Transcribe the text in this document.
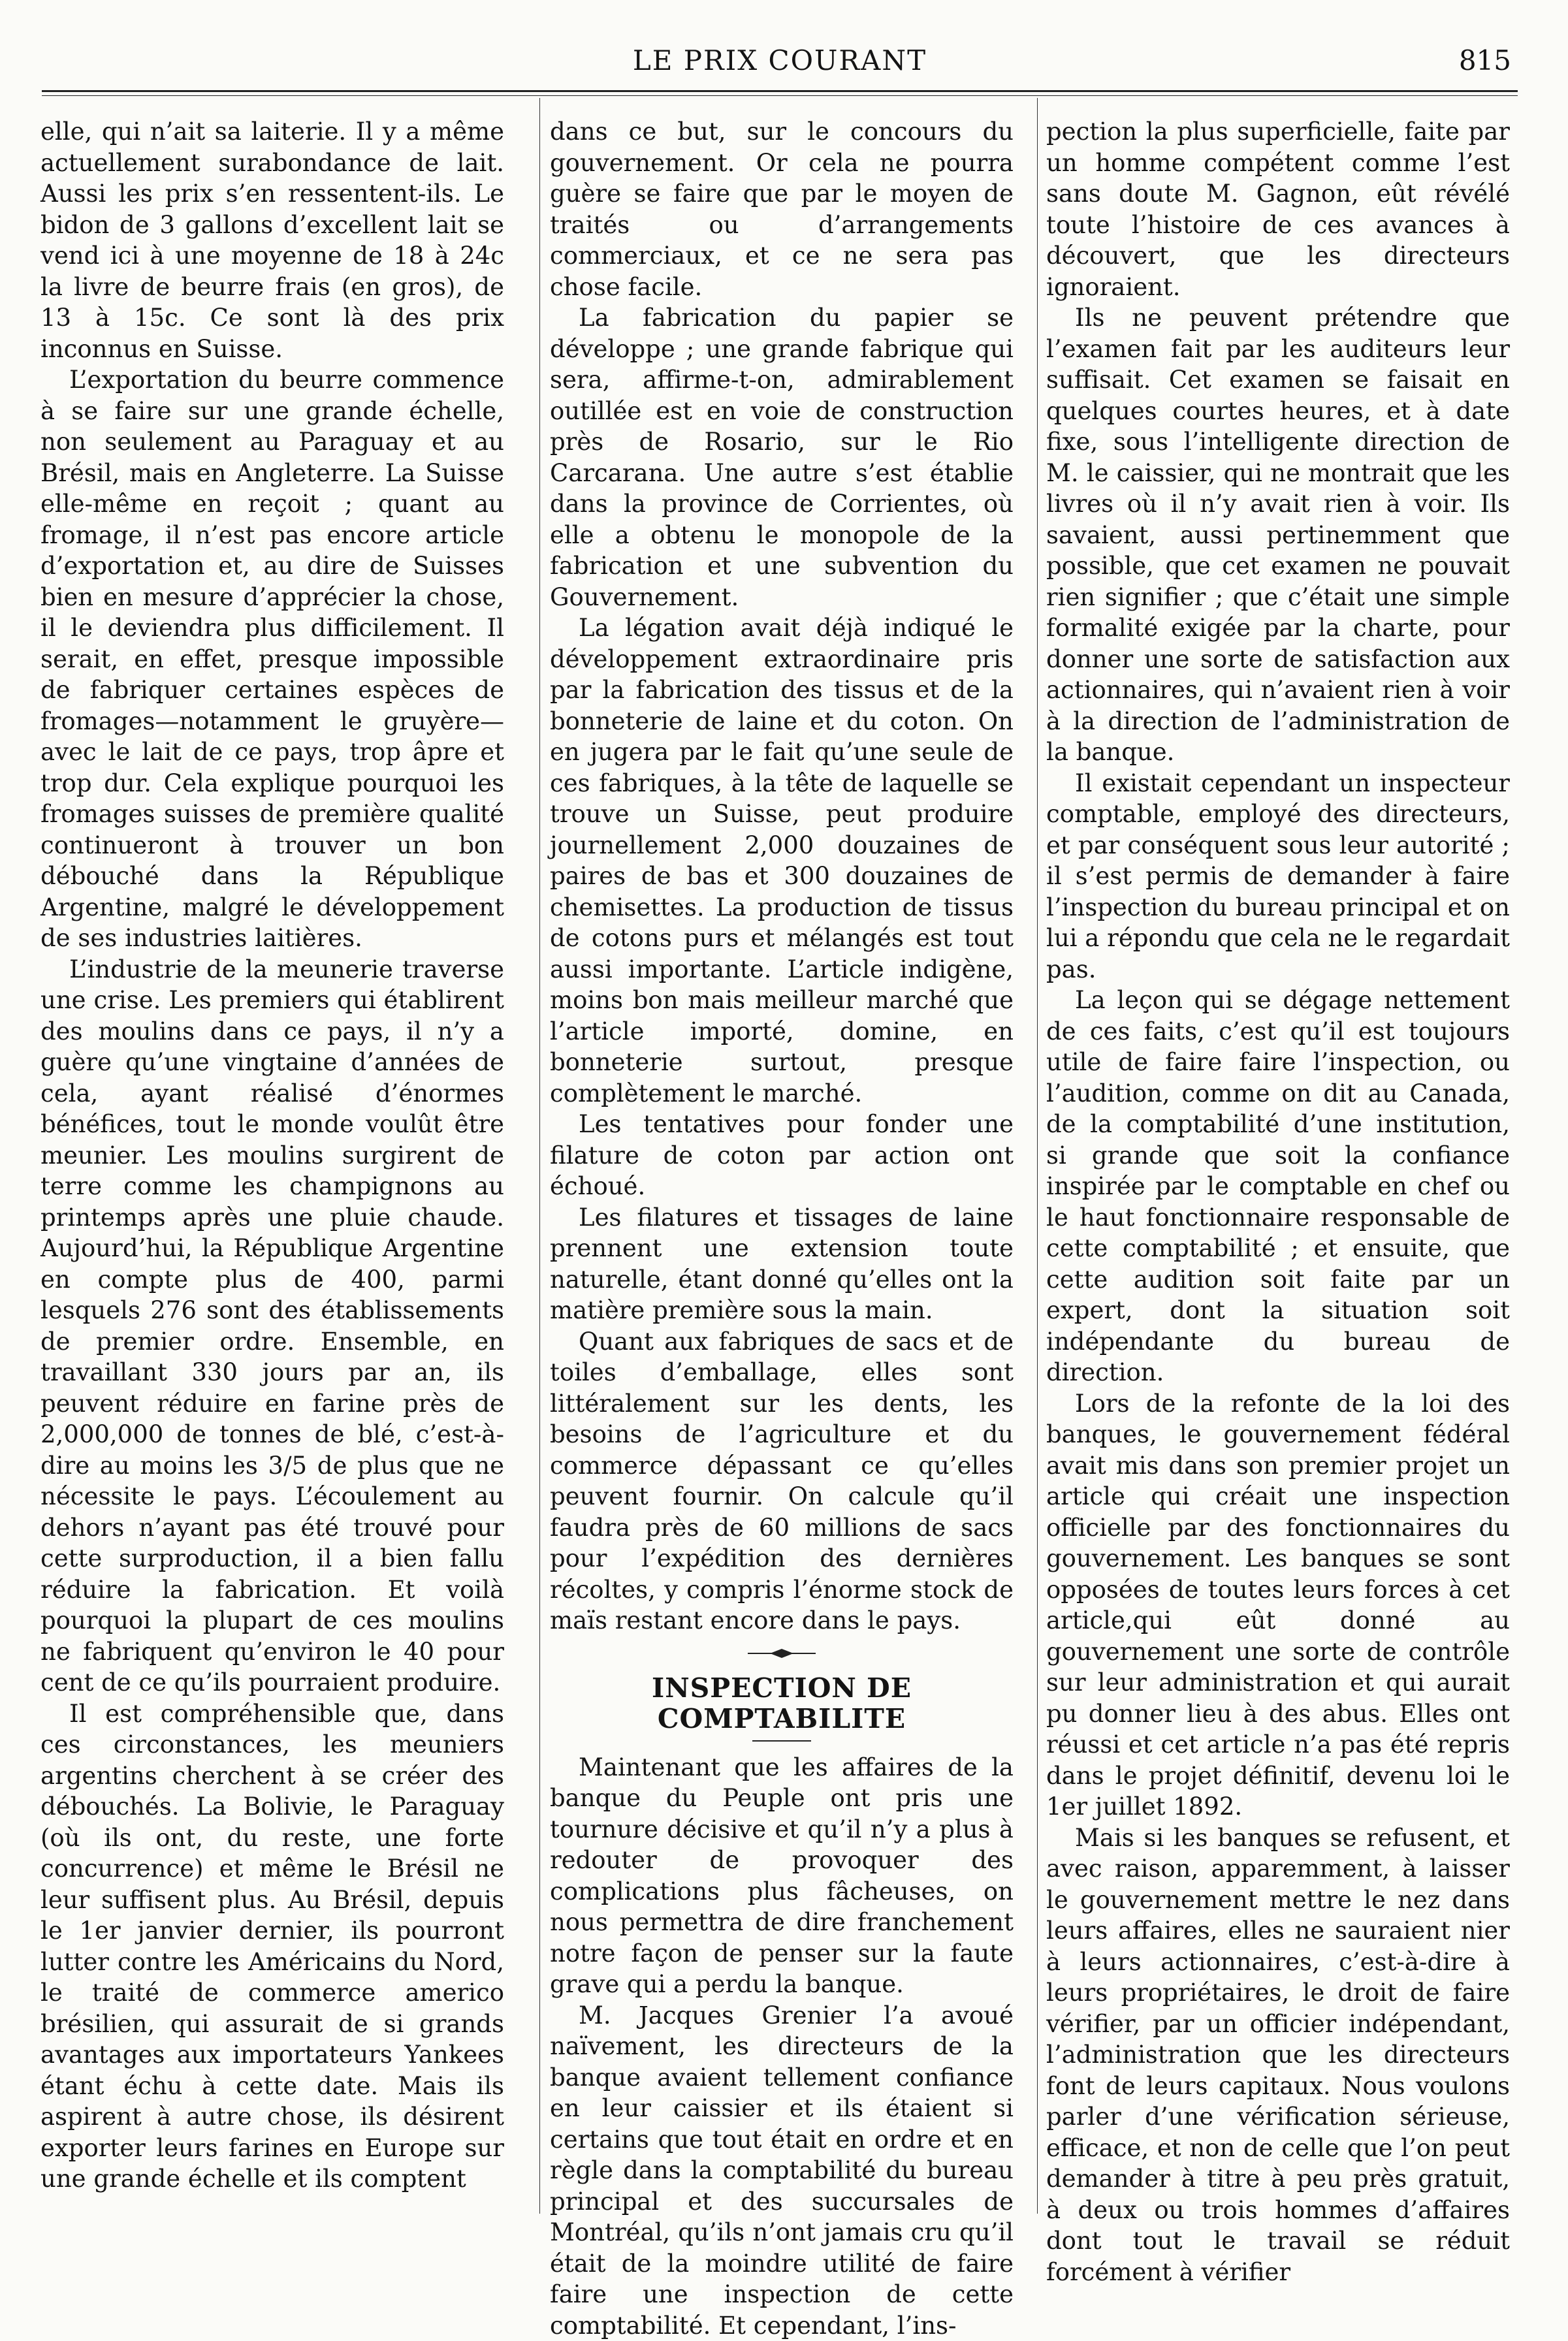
LE PRIX COURANT	815

elle, qui n’ait sa laiterie. Il y a même actuellement surabondance de lait. Aussi les prix s’en ressentent-ils. Le bidon de 3 gallons d’excellent lait se vend ici à une moyenne de 18 à 24c la livre de beurre frais (en gros), de 13 à 15c. Ce sont là des prix inconnus en Suisse.

L’exportation du beurre commence à se faire sur une grande échelle, non seulement au Paraguay et au Brésil, mais en Angleterre. La Suisse elle-même en reçoit ; quant au fromage, il n’est pas encore article d’exportation et, au dire de Suisses bien en mesure d’apprécier la chose, il le deviendra plus difficilement. Il serait, en effet, presque impossible de fabriquer certaines espèces de fromages—notamment le gruyère—avec le lait de ce pays, trop âpre et trop dur. Cela explique pourquoi les fromages suisses de première qualité continueront à trouver un bon débouché dans la République Argentine, malgré le développement de ses industries laitières.

L’industrie de la meunerie traverse une crise. Les premiers qui établirent des moulins dans ce pays, il n’y a guère qu’une vingtaine d’années de cela, ayant réalisé d’énormes bénéfices, tout le monde voulût être meunier. Les moulins surgirent de terre comme les champignons au printemps après une pluie chaude. Aujourd’hui, la République Argentine en compte plus de 400, parmi lesquels 276 sont des établissements de premier ordre. Ensemble, en travaillant 330 jours par an, ils peuvent réduire en farine près de 2,000,000 de tonnes de blé, c’est-à-dire au moins les 3/5 de plus que ne nécessite le pays. L’écoulement au dehors n’ayant pas été trouvé pour cette surproduction, il a bien fallu réduire la fabrication. Et voilà pourquoi la plupart de ces moulins ne fabriquent qu’environ le 40 pour cent de ce qu’ils pourraient produire.

Il est compréhensible que, dans ces circonstances, les meuniers argentins cherchent à se créer des débouchés. La Bolivie, le Paraguay (où ils ont, du reste, une forte concurrence) et même le Brésil ne leur suffisent plus. Au Brésil, depuis le 1er janvier dernier, ils pourront lutter contre les Américains du Nord, le traité de commerce americo brésilien, qui assurait de si grands avantages aux importateurs Yankees étant échu à cette date. Mais ils aspirent à autre chose, ils désirent exporter leurs farines en Europe sur une grande échelle et ils comptent

dans ce but, sur le concours du gouvernement. Or cela ne pourra guère se faire que par le moyen de traités ou d’arrangements commerciaux, et ce ne sera pas chose facile.

La fabrication du papier se développe ; une grande fabrique qui sera, affirme-t-on, admirablement outillée est en voie de construction près de Rosario, sur le Rio Carcarana. Une autre s’est établie dans la province de Corrientes, où elle a obtenu le monopole de la fabrication et une subvention du Gouvernement.

La légation avait déjà indiqué le développement extraordinaire pris par la fabrication des tissus et de la bonneterie de laine et du coton. On en jugera par le fait qu’une seule de ces fabriques, à la tête de laquelle se trouve un Suisse, peut produire journellement 2,000 douzaines de paires de bas et 300 douzaines de chemisettes. La production de tissus de cotons purs et mélangés est tout aussi importante. L’article indigène, moins bon mais meilleur marché que l’article importé, domine, en bonneterie surtout, presque complètement le marché.

Les tentatives pour fonder une filature de coton par action ont échoué.

Les filatures et tissages de laine prennent une extension toute naturelle, étant donné qu’elles ont la matière première sous la main.

Quant aux fabriques de sacs et de toiles d’emballage, elles sont littéralement sur les dents, les besoins de l’agriculture et du commerce dépassant ce qu’elles peuvent fournir. On calcule qu’il faudra près de 60 millions de sacs pour l’expédition des dernières récoltes, y compris l’énorme stock de maïs restant encore dans le pays.

INSPECTION DE COMPTABILITE

Maintenant que les affaires de la banque du Peuple ont pris une tournure décisive et qu’il n’y a plus à redouter de provoquer des complications plus fâcheuses, on nous permettra de dire franchement notre façon de penser sur la faute grave qui a perdu la banque.

M. Jacques Grenier l’a avoué naïvement, les directeurs de la banque avaient tellement confiance en leur caissier et ils étaient si certains que tout était en ordre et en règle dans la comptabilité du bureau principal et des succursales de Montréal, qu’ils n’ont jamais cru qu’il était de la moindre utilité de faire faire une inspection de cette comptabilité. Et cependant, l’ins-

pection la plus superficielle, faite par un homme compétent comme l’est sans doute M. Gagnon, eût révélé toute l’histoire de ces avances à découvert, que les directeurs ignoraient.

Ils ne peuvent prétendre que l’examen fait par les auditeurs leur suffisait. Cet examen se faisait en quelques courtes heures, et à date fixe, sous l’intelligente direction de M. le caissier, qui ne montrait que les livres où il n’y avait rien à voir. Ils savaient, aussi pertinemment que possible, que cet examen ne pouvait rien signifier ; que c’était une simple formalité exigée par la charte, pour donner une sorte de satisfaction aux actionnaires, qui n’avaient rien à voir à la direction de l’administration de la banque.

Il existait cependant un inspecteur comptable, employé des directeurs, et par conséquent sous leur autorité ; il s’est permis de demander à faire l’inspection du bureau principal et on lui a répondu que cela ne le regardait pas.

La leçon qui se dégage nettement de ces faits, c’est qu’il est toujours utile de faire faire l’inspection, ou l’audition, comme on dit au Canada, de la comptabilité d’une institution, si grande que soit la confiance inspirée par le comptable en chef ou le haut fonctionnaire responsable de cette comptabilité ; et ensuite, que cette audition soit faite par un expert, dont la situation soit indépendante du bureau de direction.

Lors de la refonte de la loi des banques, le gouvernement fédéral avait mis dans son premier projet un article qui créait une inspection officielle par des fonctionnaires du gouvernement. Les banques se sont opposées de toutes leurs forces à cet article,qui eût donné au gouvernement une sorte de contrôle sur leur administration et qui aurait pu donner lieu à des abus. Elles ont réussi et cet article n’a pas été repris dans le projet définitif, devenu loi le 1er juillet 1892.

Mais si les banques se refusent, et avec raison, apparemment, à laisser le gouvernement mettre le nez dans leurs affaires, elles ne sauraient nier à leurs actionnaires, c’est-à-dire à leurs propriétaires, le droit de faire vérifier, par un officier indépendant, l’administration que les directeurs font de leurs capitaux. Nous voulons parler d’une vérification sérieuse, efficace, et non de celle que l’on peut demander à titre à peu près gratuit, à deux ou trois hommes d’affaires dont tout le travail se réduit forcément à vérifier
